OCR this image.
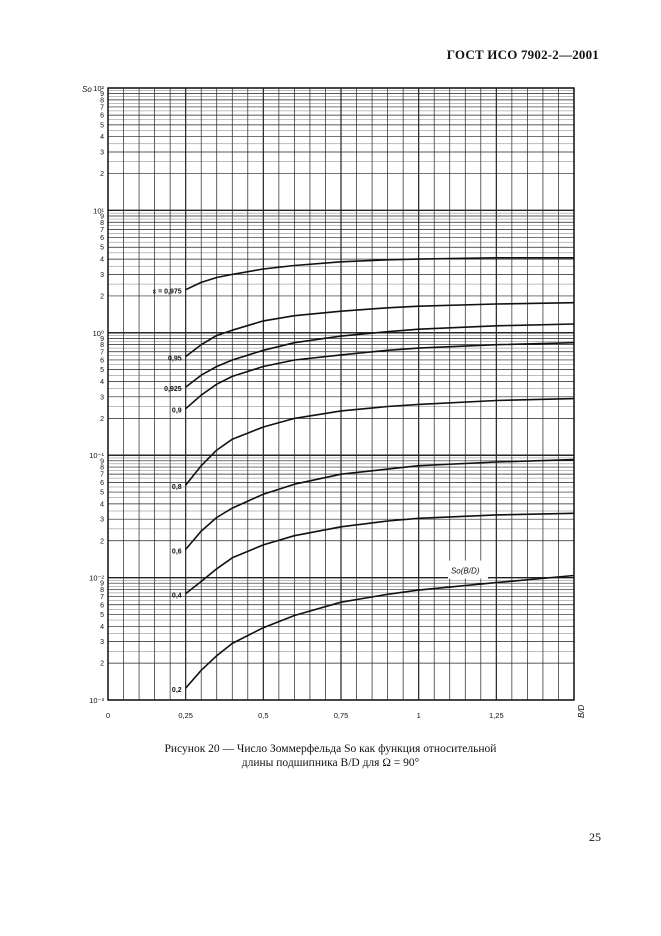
ГОСТ ИСО 7902-2—2001
10⁻³
2
3
4
5
6
7
8
9
10⁻²
2
3
4
5
6
7
8
9
10⁻¹
2
3
4
5
6
7
8
9
10⁰
2
3
4
5
6
7
8
9
10¹
2
3
4
5
6
7
8
9
10²
So
0	0,25	0,5	0,75	1	1,25	B/D
ε = 0,975
0,95
0,925
0,9
0,8
0,6
0,4
0,2
So(B/D)
Рисунок 20 — Число Зоммерфельда So как функция относительной
длины подшипника B/D для Ω = 90°
25
